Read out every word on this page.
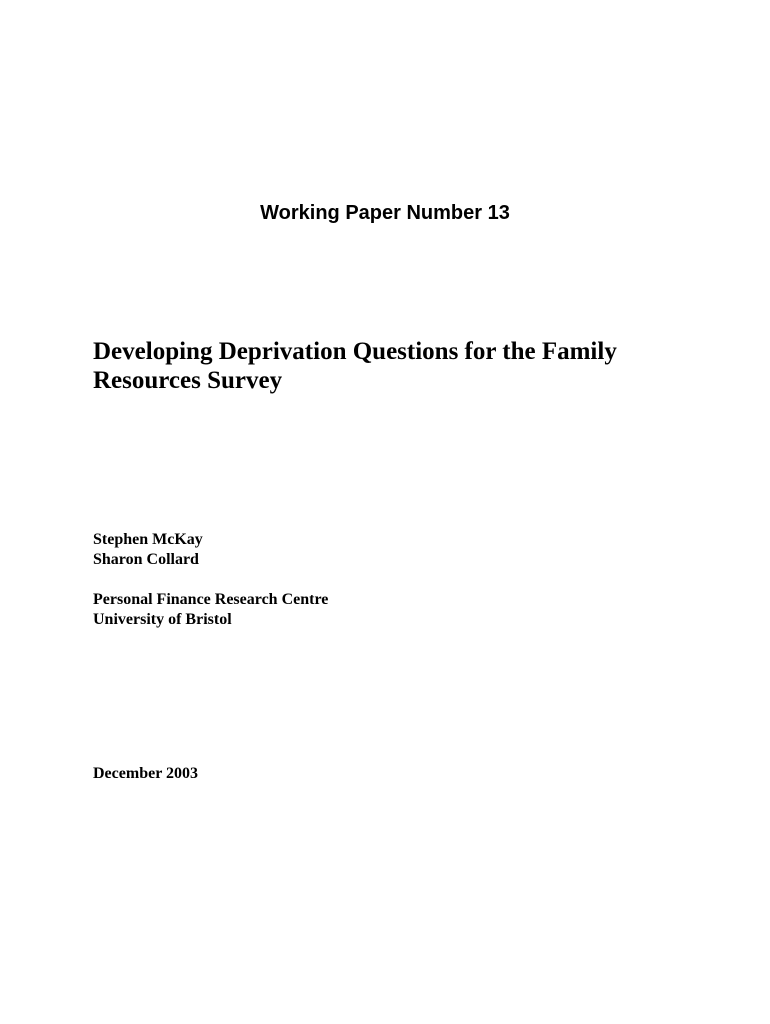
Working Paper Number 13

Developing Deprivation Questions for the Family
Resources Survey
Stephen McKay
Sharon Collard

Personal Finance Research Centre
University of Bristol

December 2003
